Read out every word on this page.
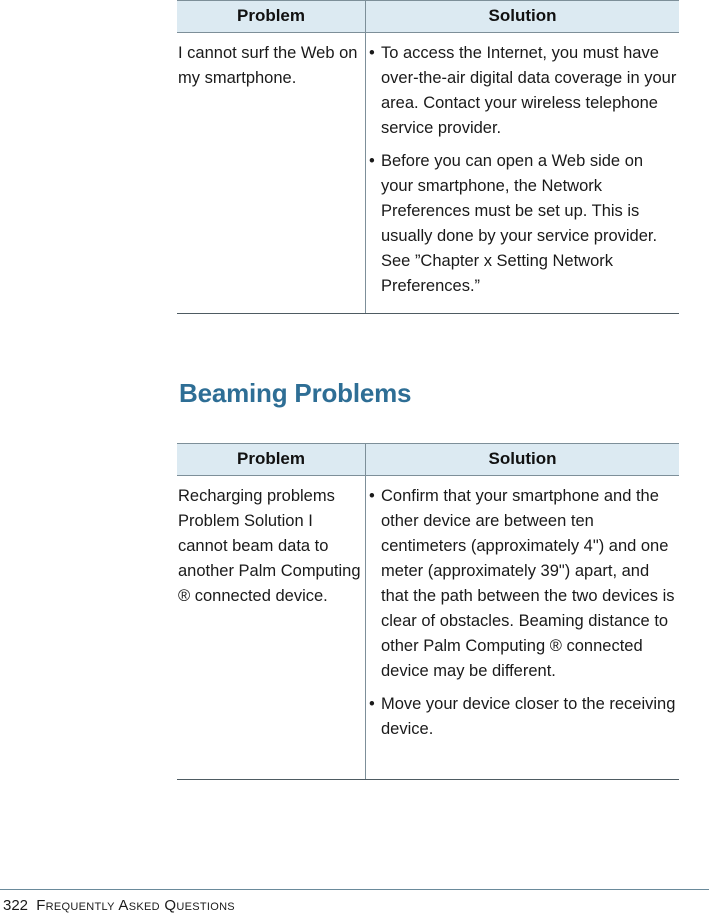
Problem	Solution
I cannot surf the Web on my smartphone.
• To access the Internet, you must have over-the-air digital data coverage in your area. Contact your wireless telephone service provider.
• Before you can open a Web side on your smartphone, the Network Preferences must be set up. This is usually done by your service provider. See ”Chapter x Setting Network Preferences.”
Beaming Problems
Problem	Solution
Recharging problems Problem Solution I cannot beam data to another Palm Computing ® connected device.
• Confirm that your smartphone and the other device are between ten centimeters (approximately 4") and one meter (approximately 39") apart, and that the path between the two devices is clear of obstacles. Beaming distance to other Palm Computing ® connected device may be different.
• Move your device closer to the receiving device.
322 Frequently Asked Questions
